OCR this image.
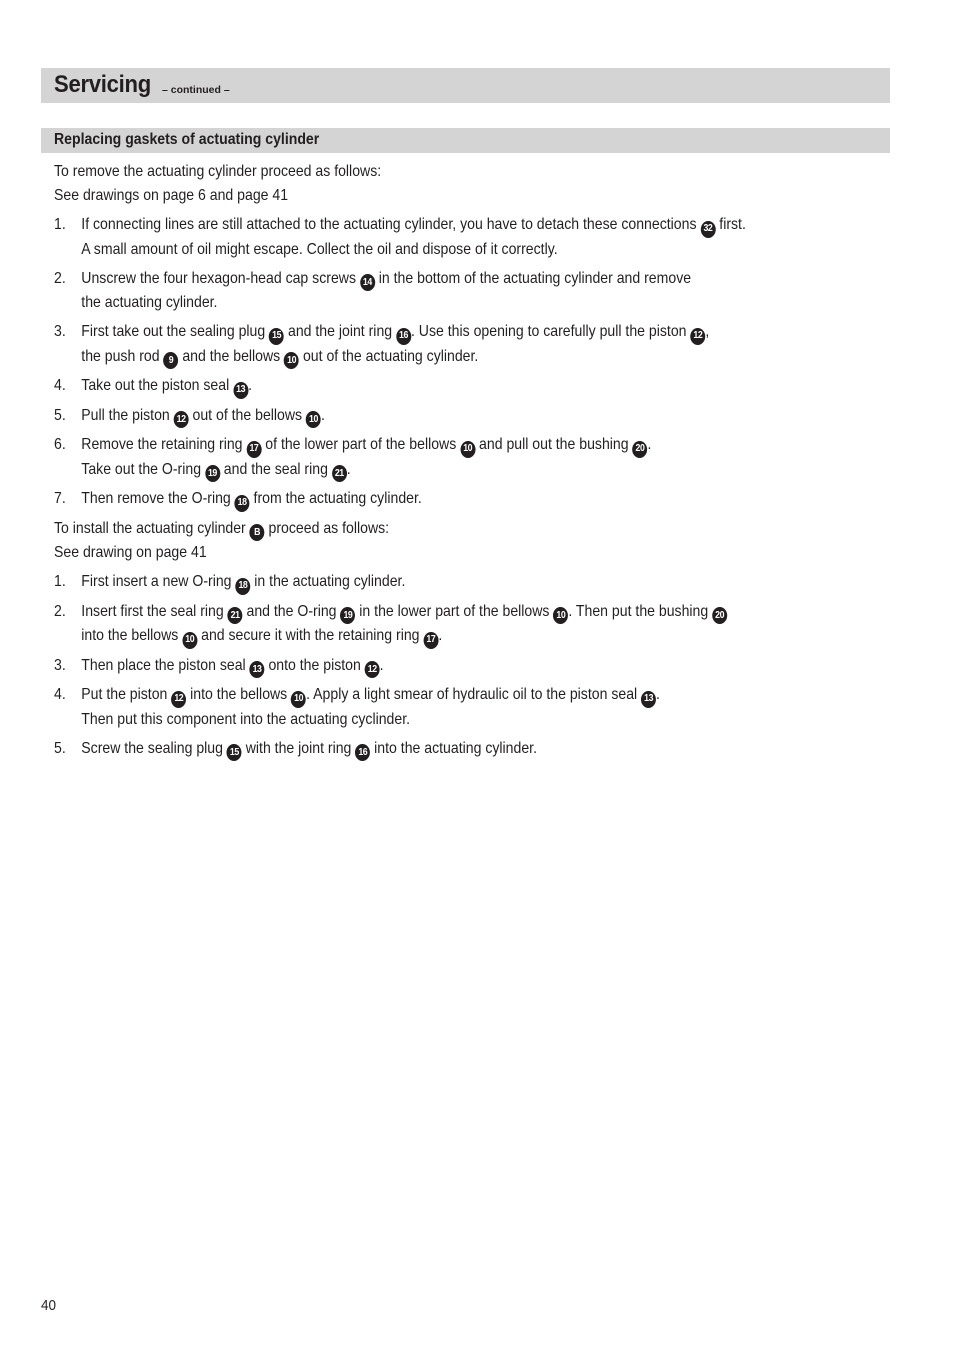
Servicing – continued –
Replacing gaskets of actuating cylinder

To remove the actuating cylinder proceed as follows:

See drawings on page 6 and page 41

1. If connecting lines are still attached to the actuating cylinder, you have to detach these connections 32 first.
A small amount of oil might escape. Collect the oil and dispose of it correctly.
2. Unscrew the four hexagon-head cap screws 14 in the bottom of the actuating cylinder and remove
the actuating cylinder.
3. First take out the sealing plug 15 and the joint ring 16 . Use this opening to carefully pull the piston 12 ,
the push rod 9 and the bellows 10 out of the actuating cylinder.
4. Take out the piston seal 13 .
5. Pull the piston 12 out of the bellows 10 .
6. Remove the retaining ring 17 of the lower part of the bellows 10 and pull out the bushing 20 .
Take out the O-ring 19 and the seal ring 21 .
7. Then remove the O-ring 18 from the actuating cylinder.

To install the actuating cylinder B proceed as follows:

See drawing on page 41

1. First insert a new O-ring 18 in the actuating cylinder.
2. Insert first the seal ring 21 and the O-ring 19 in the lower part of the bellows 10 . Then put the bushing 20
into the bellows 10 and secure it with the retaining ring 17 .
3. Then place the piston seal 13 onto the piston 12 .
4. Put the piston 12 into the bellows 10 . Apply a light smear of hydraulic oil to the piston seal 13 .
Then put this component into the actuating cyclinder.
5. Screw the sealing plug 15 with the joint ring 16 into the actuating cylinder.
40
